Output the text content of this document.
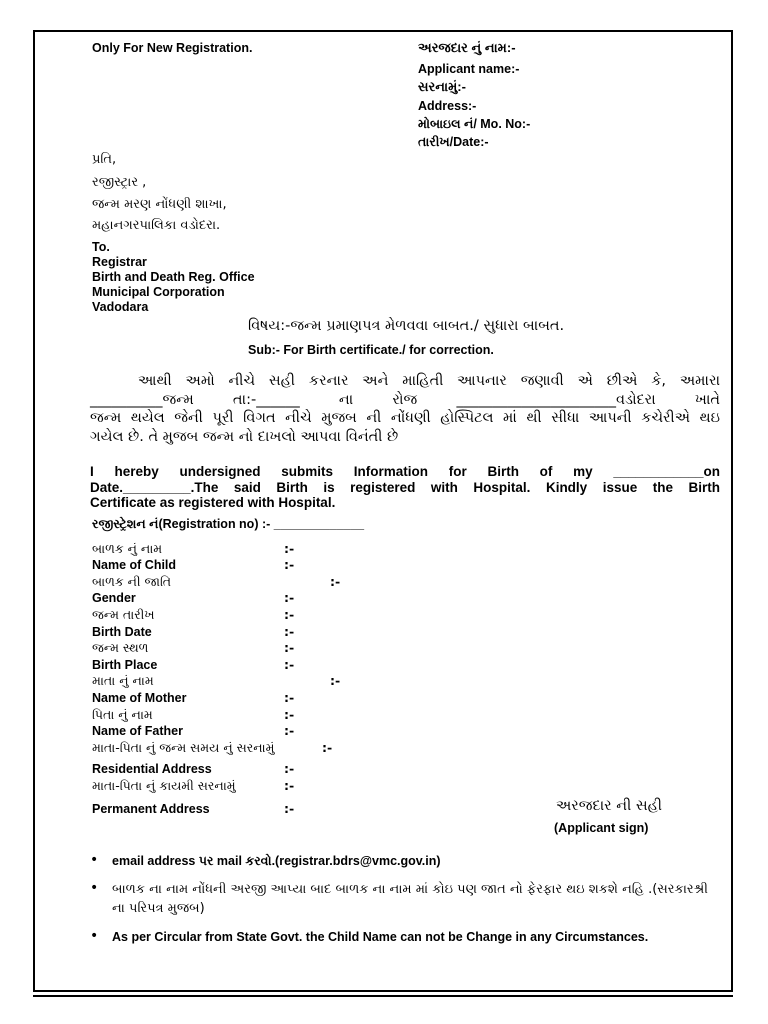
Only For New Registration.	અરજદાર નું નામ:-
Applicant name:-
સરનામું:-
Address:-
મોબાઇલ નં/ Mo. No:-
તારીખ/Date:-
પ્રતિ,
રજીસ્ટ્રાર ,
જન્મ મરણ નોંધણી શાખા,
મહાનગરપાલિકા વડોદરા.
To.
Registrar
Birth and Death Reg. Office
Municipal Corporation
Vadodara
વિષય:-જન્મ પ્રમાણપત્ર મેળવવા બાબત./ સુધારા બાબત.
Sub:- For Birth certificate./ for correction.
આથી અમો નીચે સહી કરનાર અને માહિતી આપનાર જણાવી એ છીએ કે, અમારા
__________જન્મ તા:-______ ના રોજ ______________________વડોદરા ખાતે
જન્મ થયેલ જેની પૂરી વિગત નીચે મુજબ ની નોંધણી હોસ્પિટલ માં થી સીધા આપની કચેરીએ થઇ
ગયેલ છે. તે મુજબ જન્મ નો દાખલો આપવા વિનંતી છે
I hereby undersigned submits Information for Birth of my ____________on
Date._________.The said Birth is registered with Hospital. Kindly issue the Birth
Certificate as registered with Hospital.
રજીસ્ટ્રેશન નં(Registration no) :- _____________
બાળક નું નામ	:-
Name of Child	:-
બાળક ની જાતિ	:-
Gender	:-
જન્મ તારીખ	:-
Birth Date	:-
જન્મ સ્થળ	:-
Birth Place	:-
માતા નું નામ	:-
Name of Mother	:-
પિતા નું નામ	:-
Name of Father	:-
માતા-પિતા નું જન્મ સમય નું સરનામું	:-
Residential Address	:-
માતા-પિતા નું કાયમી સરનામું	:-
Permanent Address	:-	અરજદાર ની સહી
(Applicant sign)
• email address પર mail કરવો.(registrar.bdrs@vmc.gov.in)
• બાળક ના નામ નોંધની અરજી આપ્યા બાદ બાળક ના નામ માં કોઇ પણ જાત નો ફેરફાર થઇ શકશે નહિ .(સરકારશ્રી ના પરિપત્ર મુજબ)
• As per Circular from State Govt. the Child Name can not be Change in any Circumstances.
